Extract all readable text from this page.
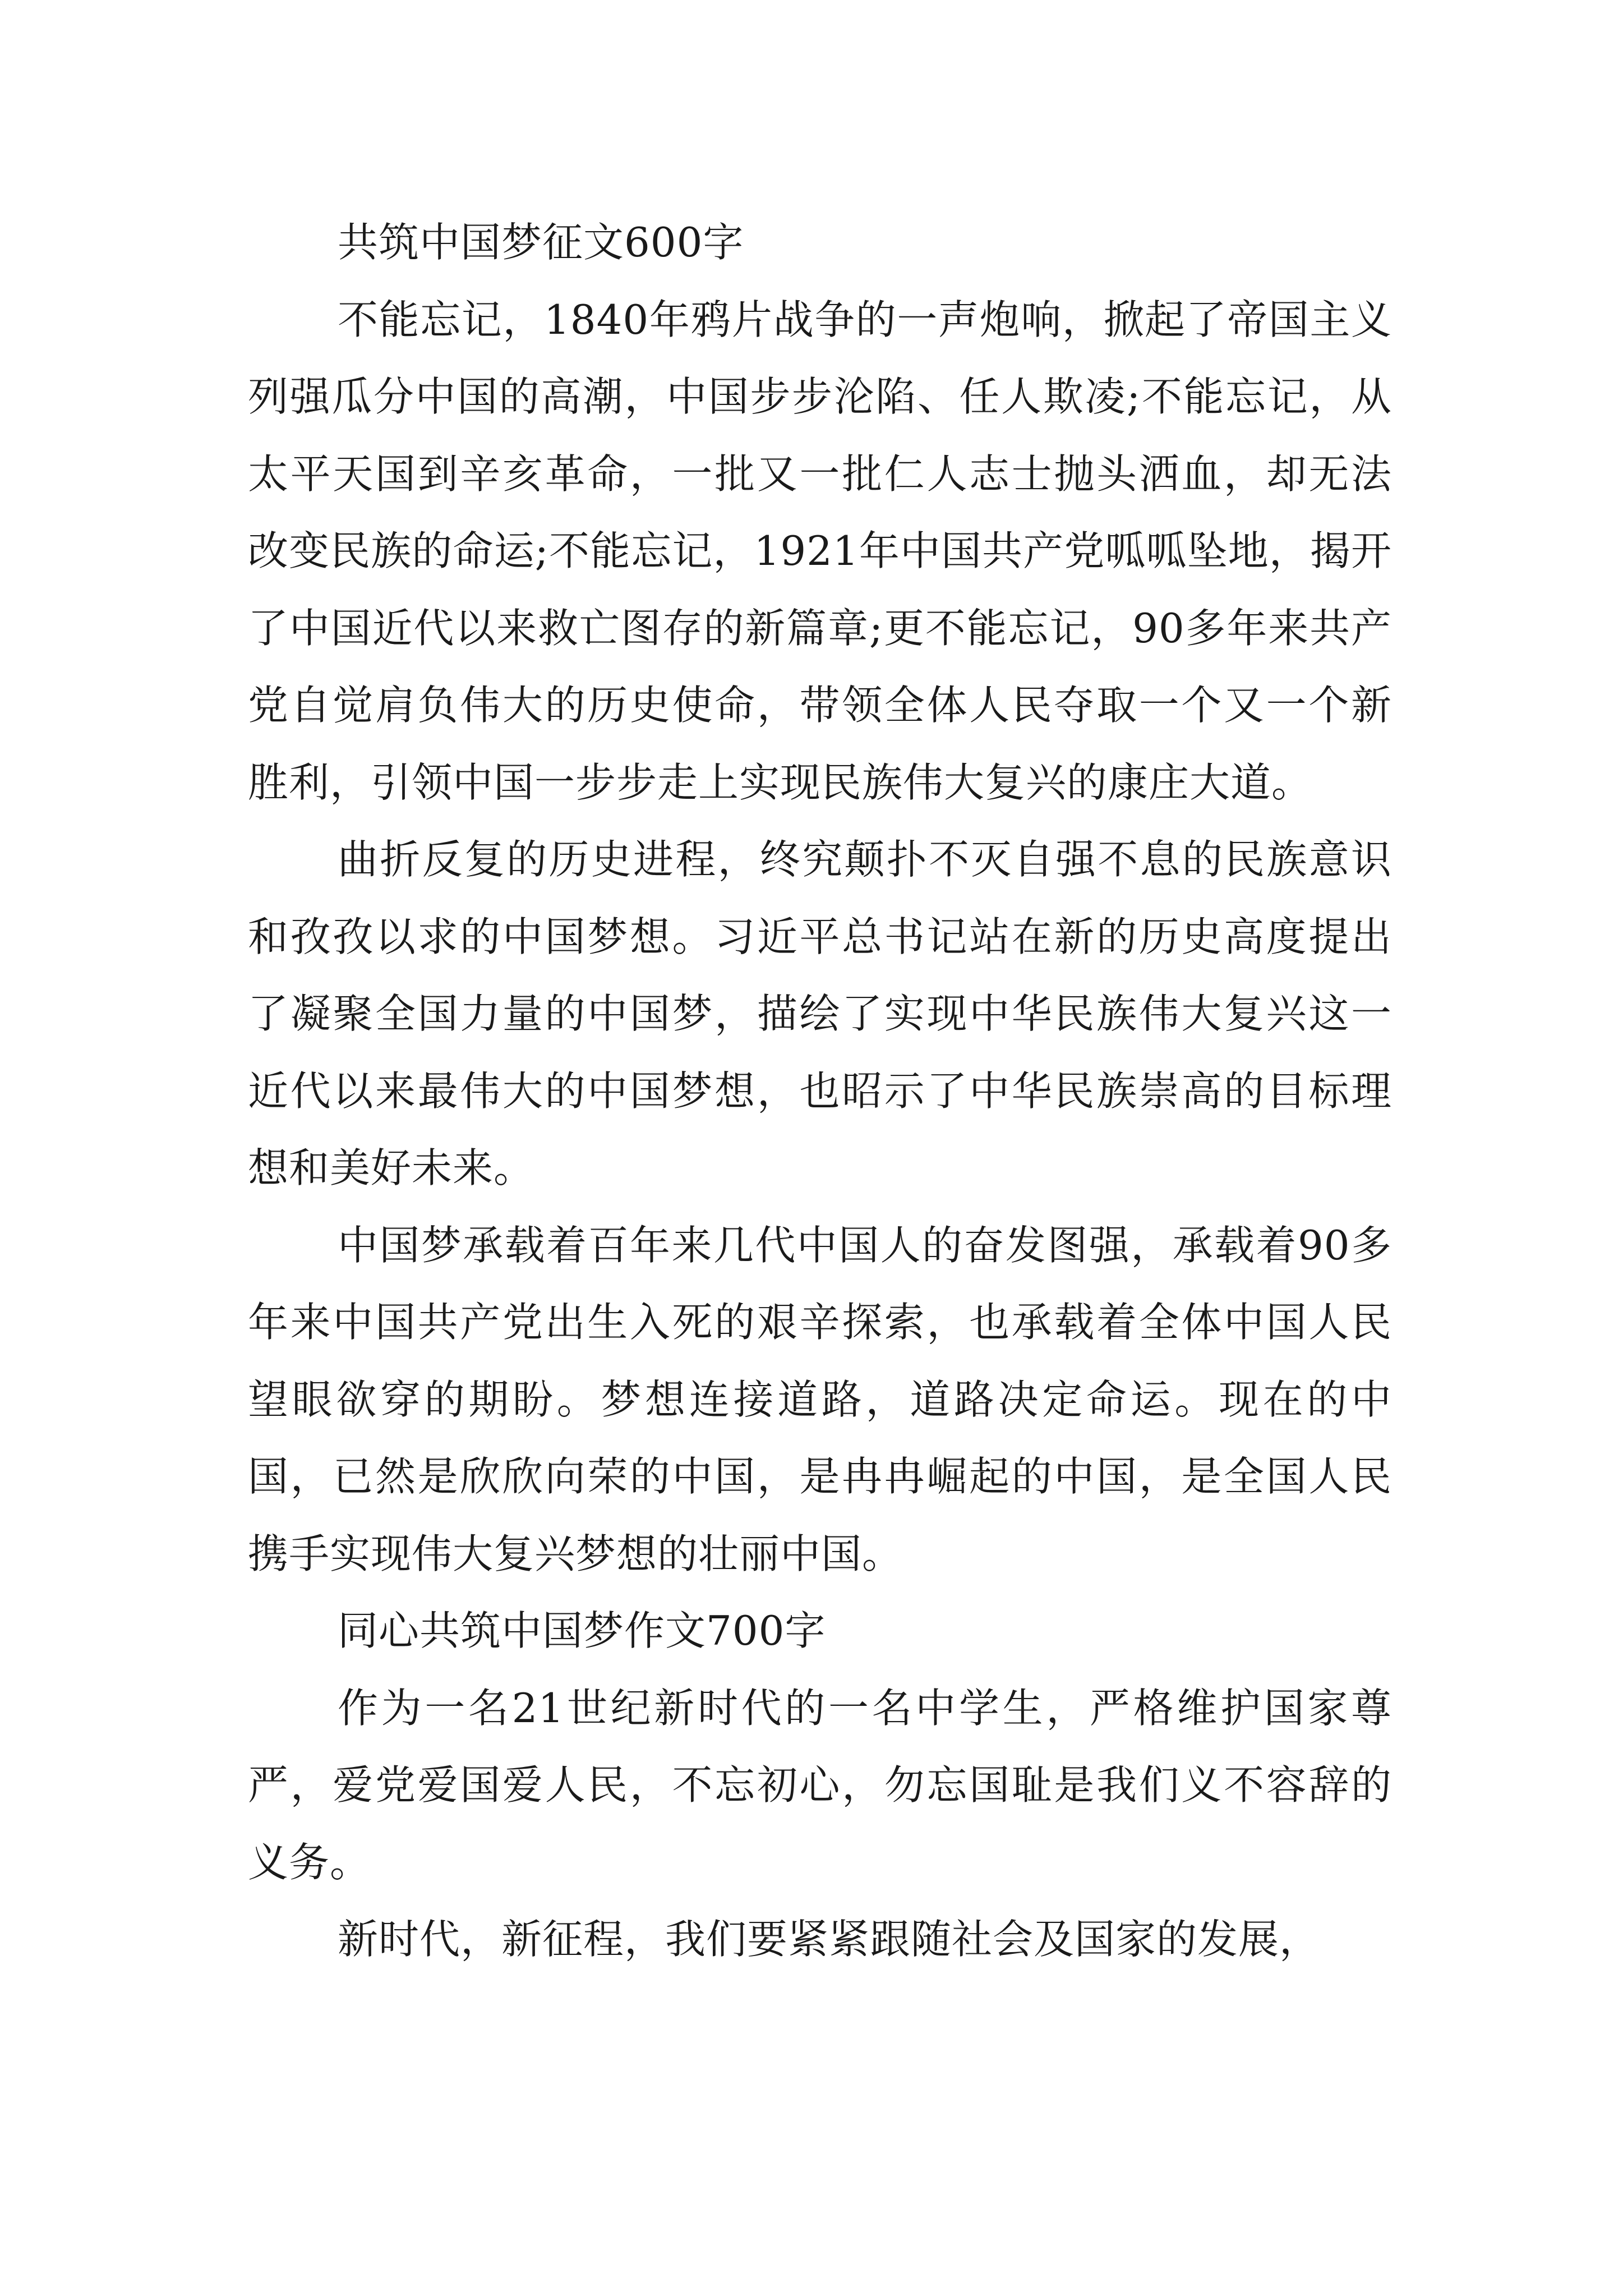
共筑中国梦征文600字

不能忘记，1840年鸦片战争的一声炮响，掀起了帝国主义列强瓜分中国的高潮，中国步步沦陷、任人欺凌;不能忘记，从太平天国到辛亥革命，一批又一批仁人志士抛头洒血，却无法改变民族的命运;不能忘记，1921年中国共产党呱呱坠地，揭开了中国近代以来救亡图存的新篇章;更不能忘记，90多年来共产党自觉肩负伟大的历史使命，带领全体人民夺取一个又一个新胜利，引领中国一步步走上实现民族伟大复兴的康庄大道。

曲折反复的历史进程，终究颠扑不灭自强不息的民族意识和孜孜以求的中国梦想。习近平总书记站在新的历史高度提出了凝聚全国力量的中国梦，描绘了实现中华民族伟大复兴这一近代以来最伟大的中国梦想，也昭示了中华民族崇高的目标理想和美好未来。

中国梦承载着百年来几代中国人的奋发图强，承载着90多年来中国共产党出生入死的艰辛探索，也承载着全体中国人民望眼欲穿的期盼。梦想连接道路，道路决定命运。现在的中国，已然是欣欣向荣的中国，是冉冉崛起的中国，是全国人民携手实现伟大复兴梦想的壮丽中国。

同心共筑中国梦作文700字

作为一名21世纪新时代的一名中学生，严格维护国家尊严，爱党爱国爱人民，不忘初心，勿忘国耻是我们义不容辞的义务。

新时代，新征程，我们要紧紧跟随社会及国家的发展，
